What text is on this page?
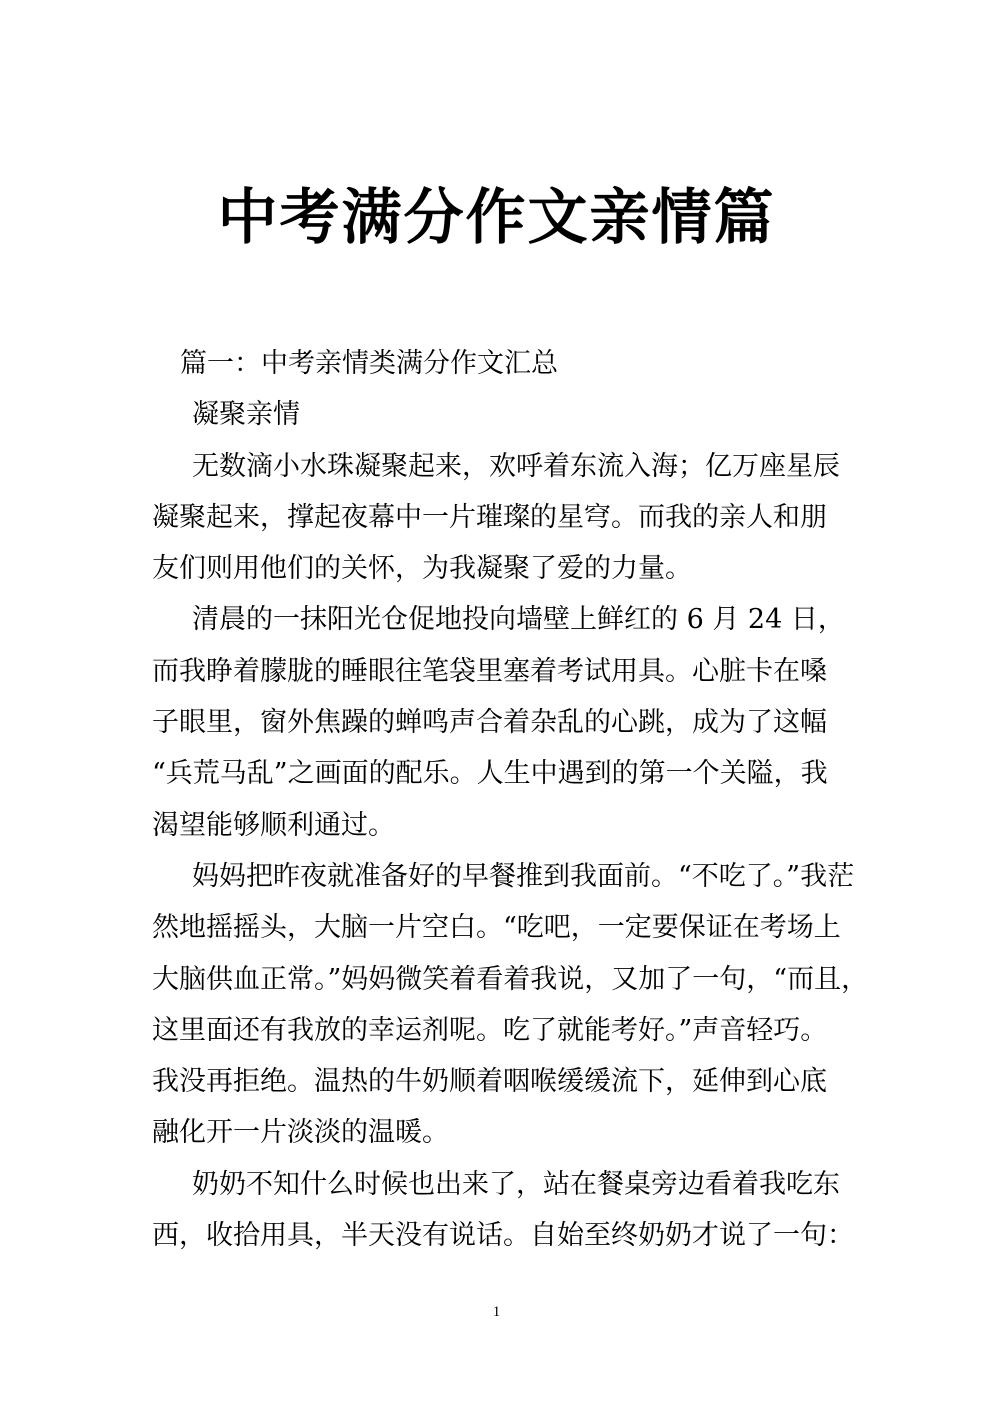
中考满分作文亲情篇
篇一：中考亲情类满分作文汇总
凝聚亲情
无数滴小水珠凝聚起来，欢呼着东流入海；亿万座星辰
凝聚起来，撑起夜幕中一片璀璨的星穹。而我的亲人和朋
友们则用他们的关怀，为我凝聚了爱的力量。
清晨的一抹阳光仓促地投向墙壁上鲜红的 6 月 24 日，
而我睁着朦胧的睡眼往笔袋里塞着考试用具。心脏卡在嗓
子眼里，窗外焦躁的蝉鸣声合着杂乱的心跳，成为了这幅
“兵荒马乱”之画面的配乐。人生中遇到的第一个关隘，我
渴望能够顺利通过。
妈妈把昨夜就准备好的早餐推到我面前。“不吃了。”我茫
然地摇摇头，大脑一片空白。“吃吧，一定要保证在考场上
大脑供血正常。”妈妈微笑着看着我说，又加了一句，“而且，
这里面还有我放的幸运剂呢。吃了就能考好。”声音轻巧。
我没再拒绝。温热的牛奶顺着咽喉缓缓流下，延伸到心底
融化开一片淡淡的温暖。
奶奶不知什么时候也出来了，站在餐桌旁边看着我吃东
西，收拾用具，半天没有说话。自始至终奶奶才说了一句：
1
